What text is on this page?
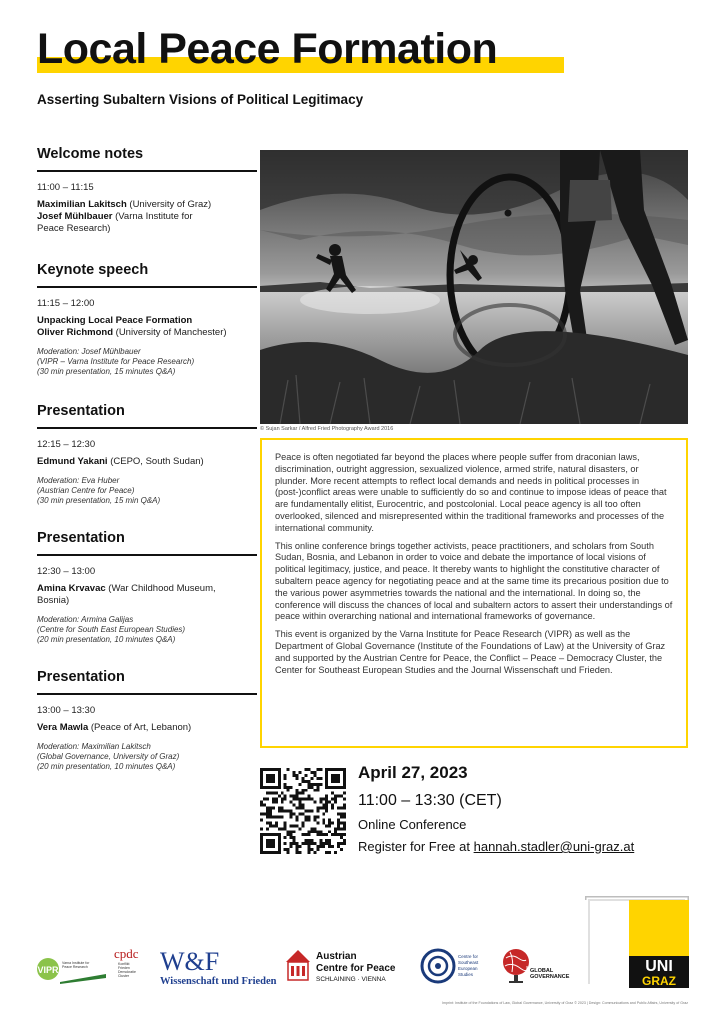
Local Peace Formation
Asserting Subaltern Visions of Political Legitimacy
Welcome notes
11:00 – 11:15
Maximilian Lakitsch (University of Graz)
Josef Mühlbauer (Varna Institute for
Peace Research)
Keynote speech
11:15 – 12:00
Unpacking Local Peace Formation
Oliver Richmond (University of Manchester)
Moderation: Josef Mühlbauer
(VIPR – Varna Institute for Peace Research)
(30 min presentation, 15 minutes Q&A)
Presentation
12:15 – 12:30
Edmund Yakani (CEPO, South Sudan)
Moderation: Eva Huber
(Austrian Centre for Peace)
(30 min presentation, 15 min Q&A)
Presentation
12:30 – 13:00
Amina Krvavac (War Childhood Museum,
Bosnia)
Moderation: Armina Galijas
(Centre for South East European Studies)
(20 min presentation, 10 minutes Q&A)
Presentation
13:00 – 13:30
Vera Mawla (Peace of Art, Lebanon)
Moderation: Maximilian Lakitsch
(Global Governance, University of Graz)
(20 min presentation, 10 minutes Q&A)
© Sujan Sarkar / Alfred Fried Photography Award 2016

Peace is often negotiated far beyond the places where people suffer from draconian laws, discrimination, outright aggression, sexualized violence, armed strife, natural disasters, or plunder. More recent attempts to reflect local demands and needs in political processes in (post-)conflict areas were unable to sufficiently do so and continue to impose ideas of peace that are fundamentally elitist, Eurocentric, and postcolonial. Local peace agency is all too often overlooked, silenced and misrepresented within the traditional frameworks and processes of the international community.

This online conference brings together activists, peace practitioners, and scholars from South Sudan, Bosnia, and Lebanon in order to voice and debate the importance of local visions of political legitimacy, justice, and peace. It thereby wants to highlight the constitutive character of subaltern peace agency for negotiating peace and at the same time its precarious position due to the various power asymmetries towards the national and the international. In doing so, the conference will discuss the chances of local and subaltern actors to assert their understandings of peace within overarching national and international frameworks of governance.

This event is organized by the Varna Institute for Peace Research (VIPR) as well as the Department of Global Governance (Institute of the Foundations of Law) at the University of Graz and supported by the Austrian Centre for Peace, the Conflict – Peace – Democracy Cluster, the Center for Southeast European Studies and the Journal Wissenschaft und Frieden.

April 27, 2023
11:00 – 13:30 (CET)
Online Conference
Register for Free at hannah.stadler@uni-graz.at
UNI
GRAZ
VIPR
Varna Institute for
Peace Research
cpdc
Konflikt
Frieden
Demokratie
Cluster W&F
Wissenschaft und Frieden
Austrian
Centre for Peace
SCHLAINING · VIENNA
Centre for
Southeast
European
Studies
GLOBAL
GOVERNANCE
Imprint: Institute of the Foundations of Law, Global Governance, University of Graz © 2023 | Design: Communications and Public Affairs, University of Graz
